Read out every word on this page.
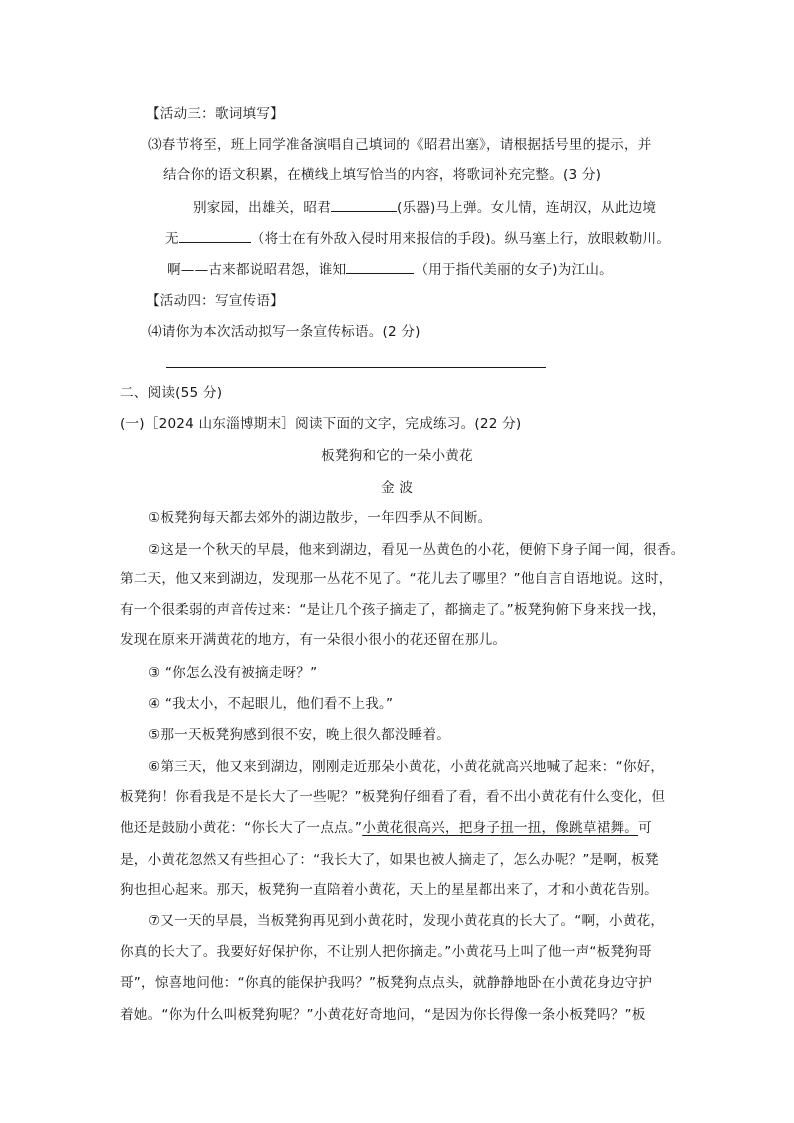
【活动三：歌词填写】
⑶春节将至，班上同学准备演唱自己填词的《昭君出塞》，请根据括号里的提示，并
结合你的语文积累，在横线上填写恰当的内容，将歌词补充完整。(3 分)
别家园，出雄关，昭君	(乐器)马上弹。女儿情，连胡汉，从此边境
无	（将士在有外敌入侵时用来报信的手段)。纵马塞上行，放眼敕勒川。
啊——古来都说昭君怨，谁知	（用于指代美丽的女子)为江山。
【活动四：写宣传语】
⑷请你为本次活动拟写一条宣传标语。(2 分)
二、阅读(55 分)
(一)［2024 山东淄博期末］阅读下面的文字，完成练习。(22 分)
板凳狗和它的一朵小黄花
金 波
①板凳狗每天都去郊外的湖边散步，一年四季从不间断。
②这是一个秋天的早晨，他来到湖边，看见一丛黄色的小花，便俯下身子闻一闻，很香。
第二天，他又来到湖边，发现那一丛花不见了。“花儿去了哪里？”他自言自语地说。这时，
有一个很柔弱的声音传过来：“是让几个孩子摘走了，都摘走了。”板凳狗俯下身来找一找，
发现在原来开满黄花的地方，有一朵很小很小的花还留在那儿。
③ “你怎么没有被摘走呀？”
④ “我太小，不起眼儿，他们看不上我。”
⑤那一天板凳狗感到很不安，晚上很久都没睡着。
⑥第三天，他又来到湖边，刚刚走近那朵小黄花，小黄花就高兴地喊了起来：“你好，
板凳狗！你看我是不是长大了一些呢？”板凳狗仔细看了看，看不出小黄花有什么变化，但
他还是鼓励小黄花：“你长大了一点点。”小黄花很高兴，把身子扭一扭，像跳草裙舞。可
是，小黄花忽然又有些担心了：“我长大了，如果也被人摘走了，怎么办呢？”是啊，板凳
狗也担心起来。那天，板凳狗一直陪着小黄花，天上的星星都出来了，才和小黄花告别。
⑦又一天的早晨，当板凳狗再见到小黄花时，发现小黄花真的长大了。“啊，小黄花，
你真的长大了。我要好好保护你，不让别人把你摘走。”小黄花马上叫了他一声“板凳狗哥
哥”，惊喜地问他：“你真的能保护我吗？”板凳狗点点头，就静静地卧在小黄花身边守护
着她。“你为什么叫板凳狗呢？”小黄花好奇地问，“是因为你长得像一条小板凳吗？”板
